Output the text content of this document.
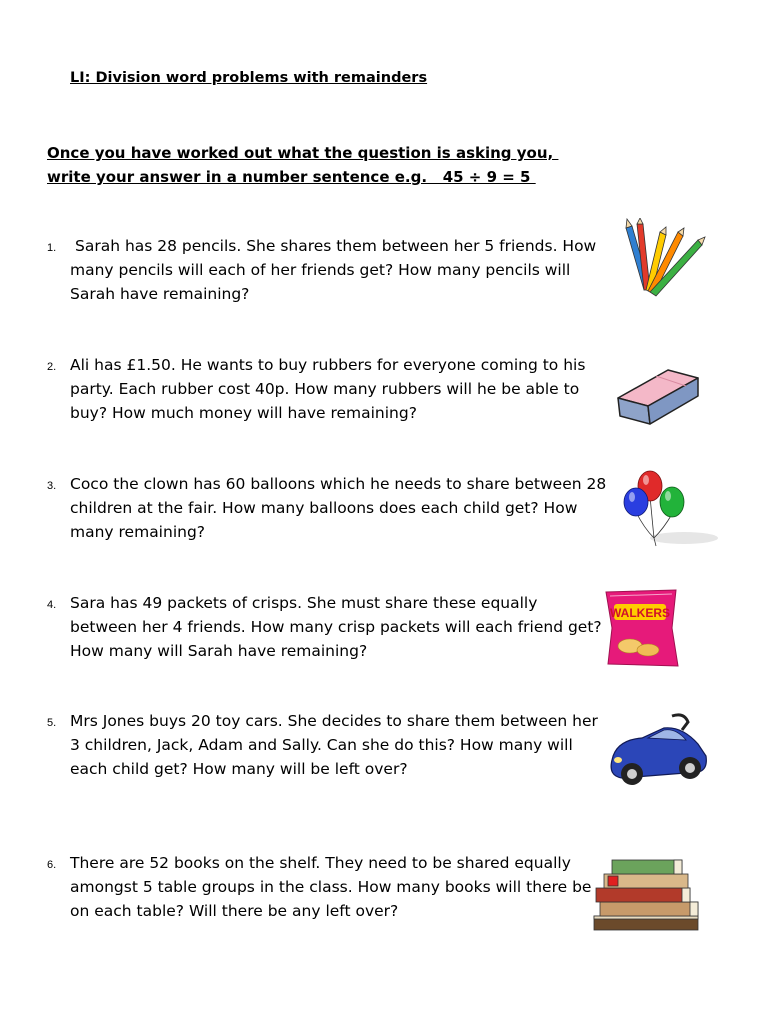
LI: Division word problems with remainders
Once you have worked out what the question is asking you,
write your answer in a number sentence e.g.   45 ÷ 9 = 5
1.	Sarah has 28 pencils. She shares them between her 5 friends. How many pencils will each of her friends get? How many pencils will Sarah have remaining?
2. Ali has £1.50. He wants to buy rubbers for everyone coming to his party. Each rubber cost 40p. How many rubbers will he be able to buy? How much money will have remaining?
3. Coco the clown has 60 balloons which he needs to share between 28 children at the fair. How many balloons does each child get? How many remaining?
4. Sara has 49 packets of crisps. She must share these equally between her 4 friends. How many crisp packets will each friend get? How many will Sarah have remaining?
WALKERS
5. Mrs Jones buys 20 toy cars. She decides to share them between her 3 children, Jack, Adam and Sally. Can she do this? How many will each child get? How many will be left over?
6. There are 52 books on the shelf. They need to be shared equally amongst 5 table groups in the class. How many books will there be on each table? Will there be any left over?
